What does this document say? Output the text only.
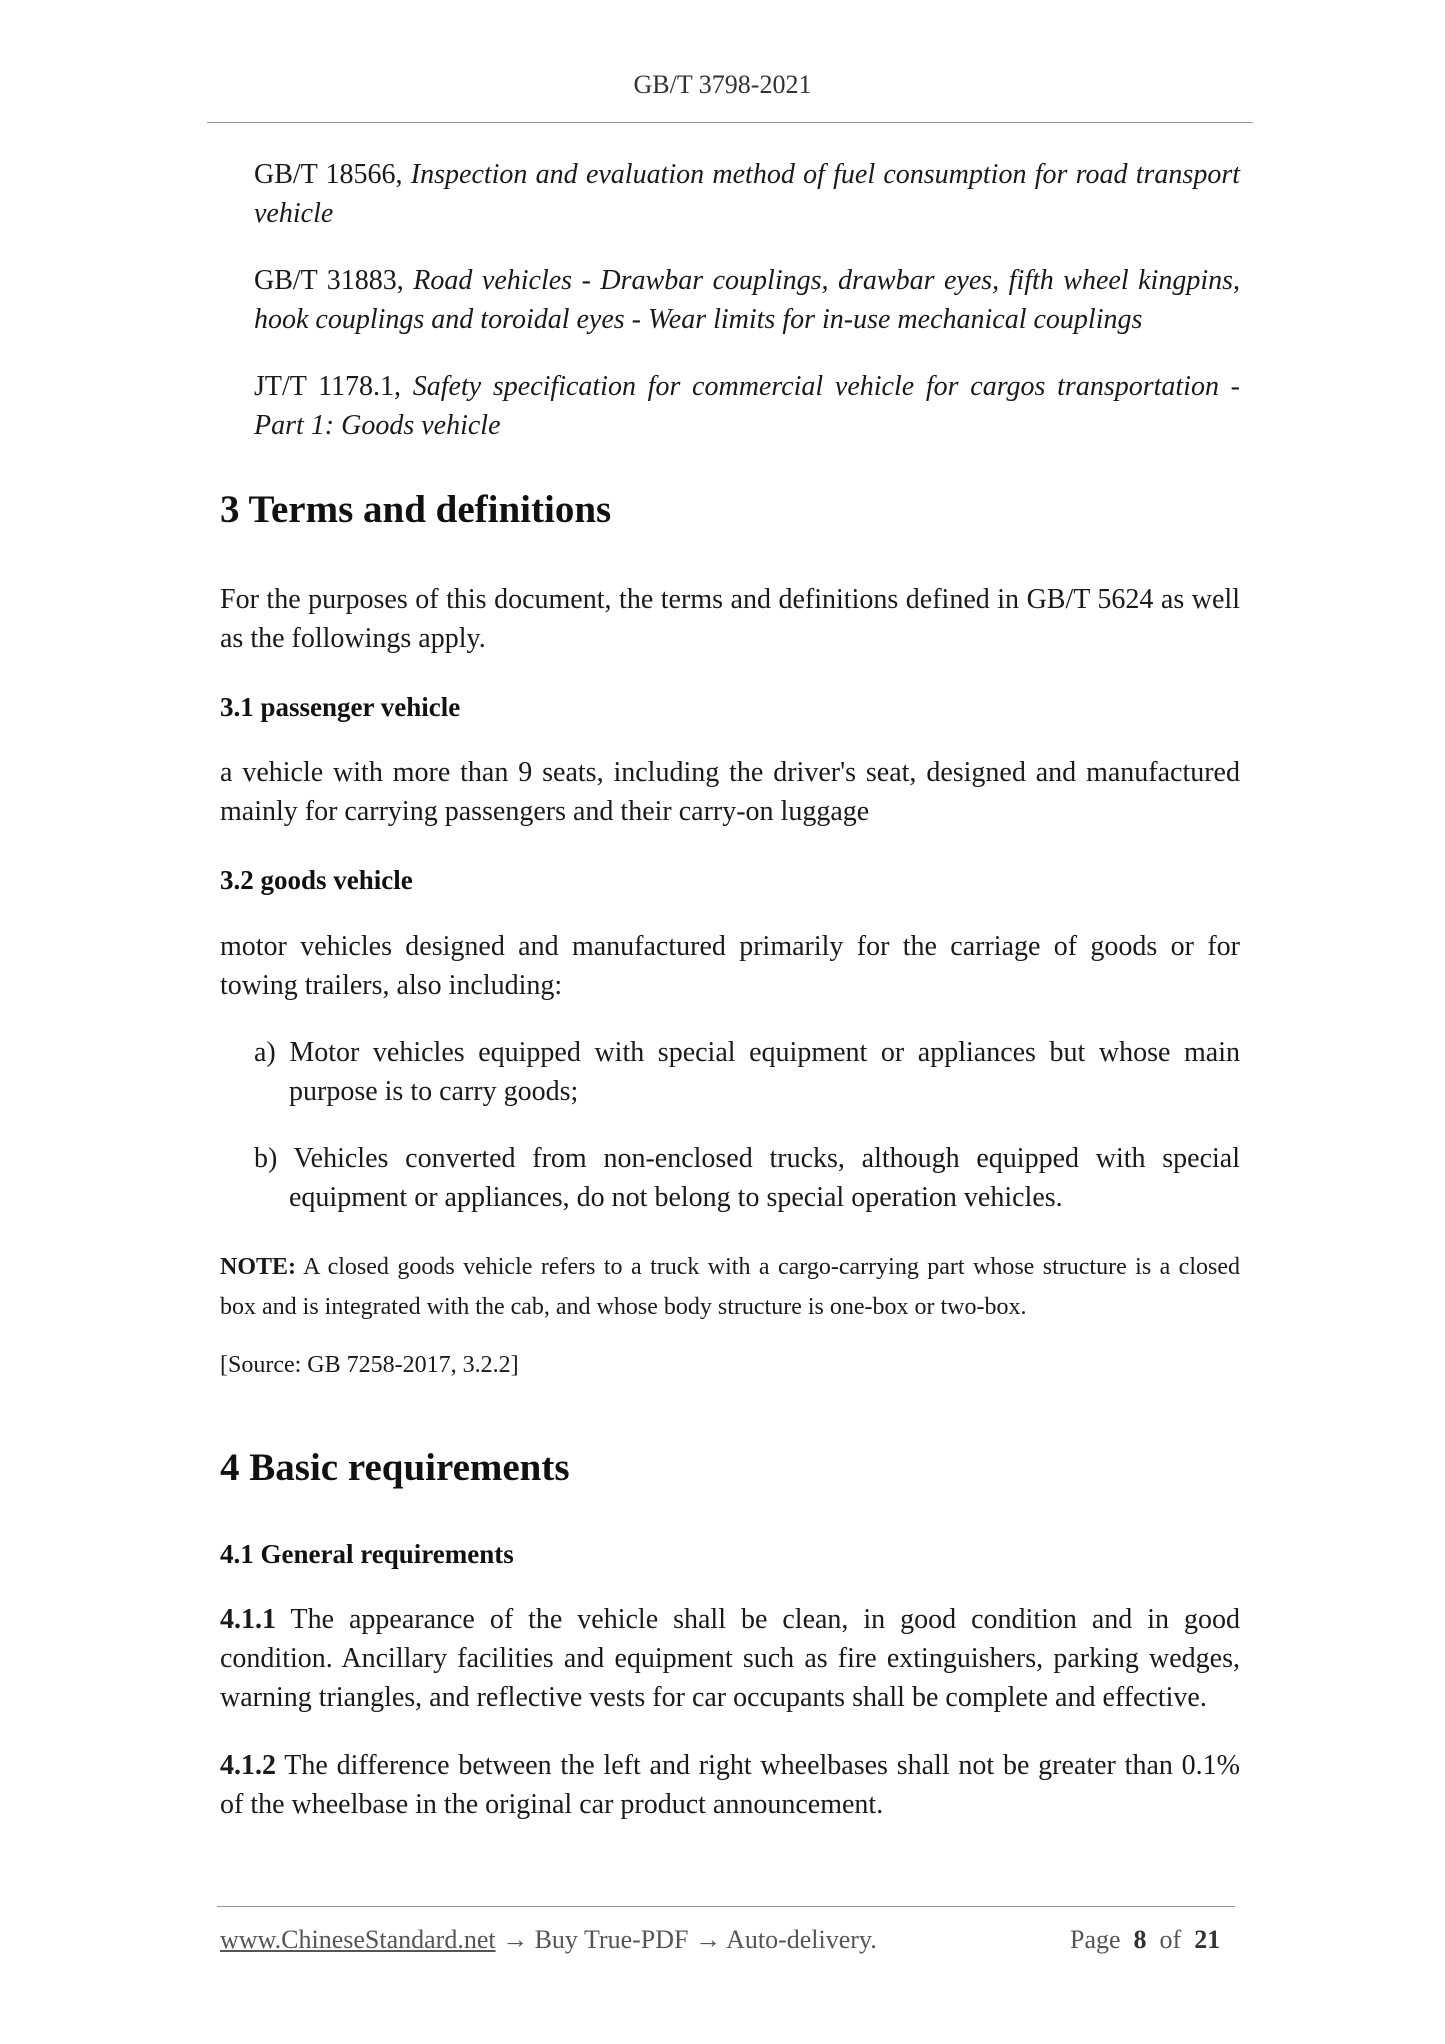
GB/T 3798-2021

GB/T 18566, Inspection and evaluation method of fuel consumption for road transport vehicle

GB/T 31883, Road vehicles - Drawbar couplings, drawbar eyes, fifth wheel kingpins, hook couplings and toroidal eyes - Wear limits for in-use mechanical couplings

JT/T 1178.1, Safety specification for commercial vehicle for cargos transportation - Part 1: Goods vehicle

3 Terms and definitions

For the purposes of this document, the terms and definitions defined in GB/T 5624 as well as the followings apply.

3.1 passenger vehicle

a vehicle with more than 9 seats, including the driver's seat, designed and manufactured mainly for carrying passengers and their carry-on luggage

3.2 goods vehicle

motor vehicles designed and manufactured primarily for the carriage of goods or for towing trailers, also including:

a) Motor vehicles equipped with special equipment or appliances but whose main purpose is to carry goods;

b) Vehicles converted from non-enclosed trucks, although equipped with special equipment or appliances, do not belong to special operation vehicles.

NOTE: A closed goods vehicle refers to a truck with a cargo-carrying part whose structure is a closed box and is integrated with the cab, and whose body structure is one-box or two-box.

[Source: GB 7258-2017, 3.2.2]
4 Basic requirements
4.1 General requirements

4.1.1 The appearance of the vehicle shall be clean, in good condition and in good condition. Ancillary facilities and equipment such as fire extinguishers, parking wedges, warning triangles, and reflective vests for car occupants shall be complete and effective.

4.1.2 The difference between the left and right wheelbases shall not be greater than 0.1% of the wheelbase in the original car product announcement.

www.ChineseStandard.net → Buy True-PDF → Auto-delivery.	Page 8 of 21
